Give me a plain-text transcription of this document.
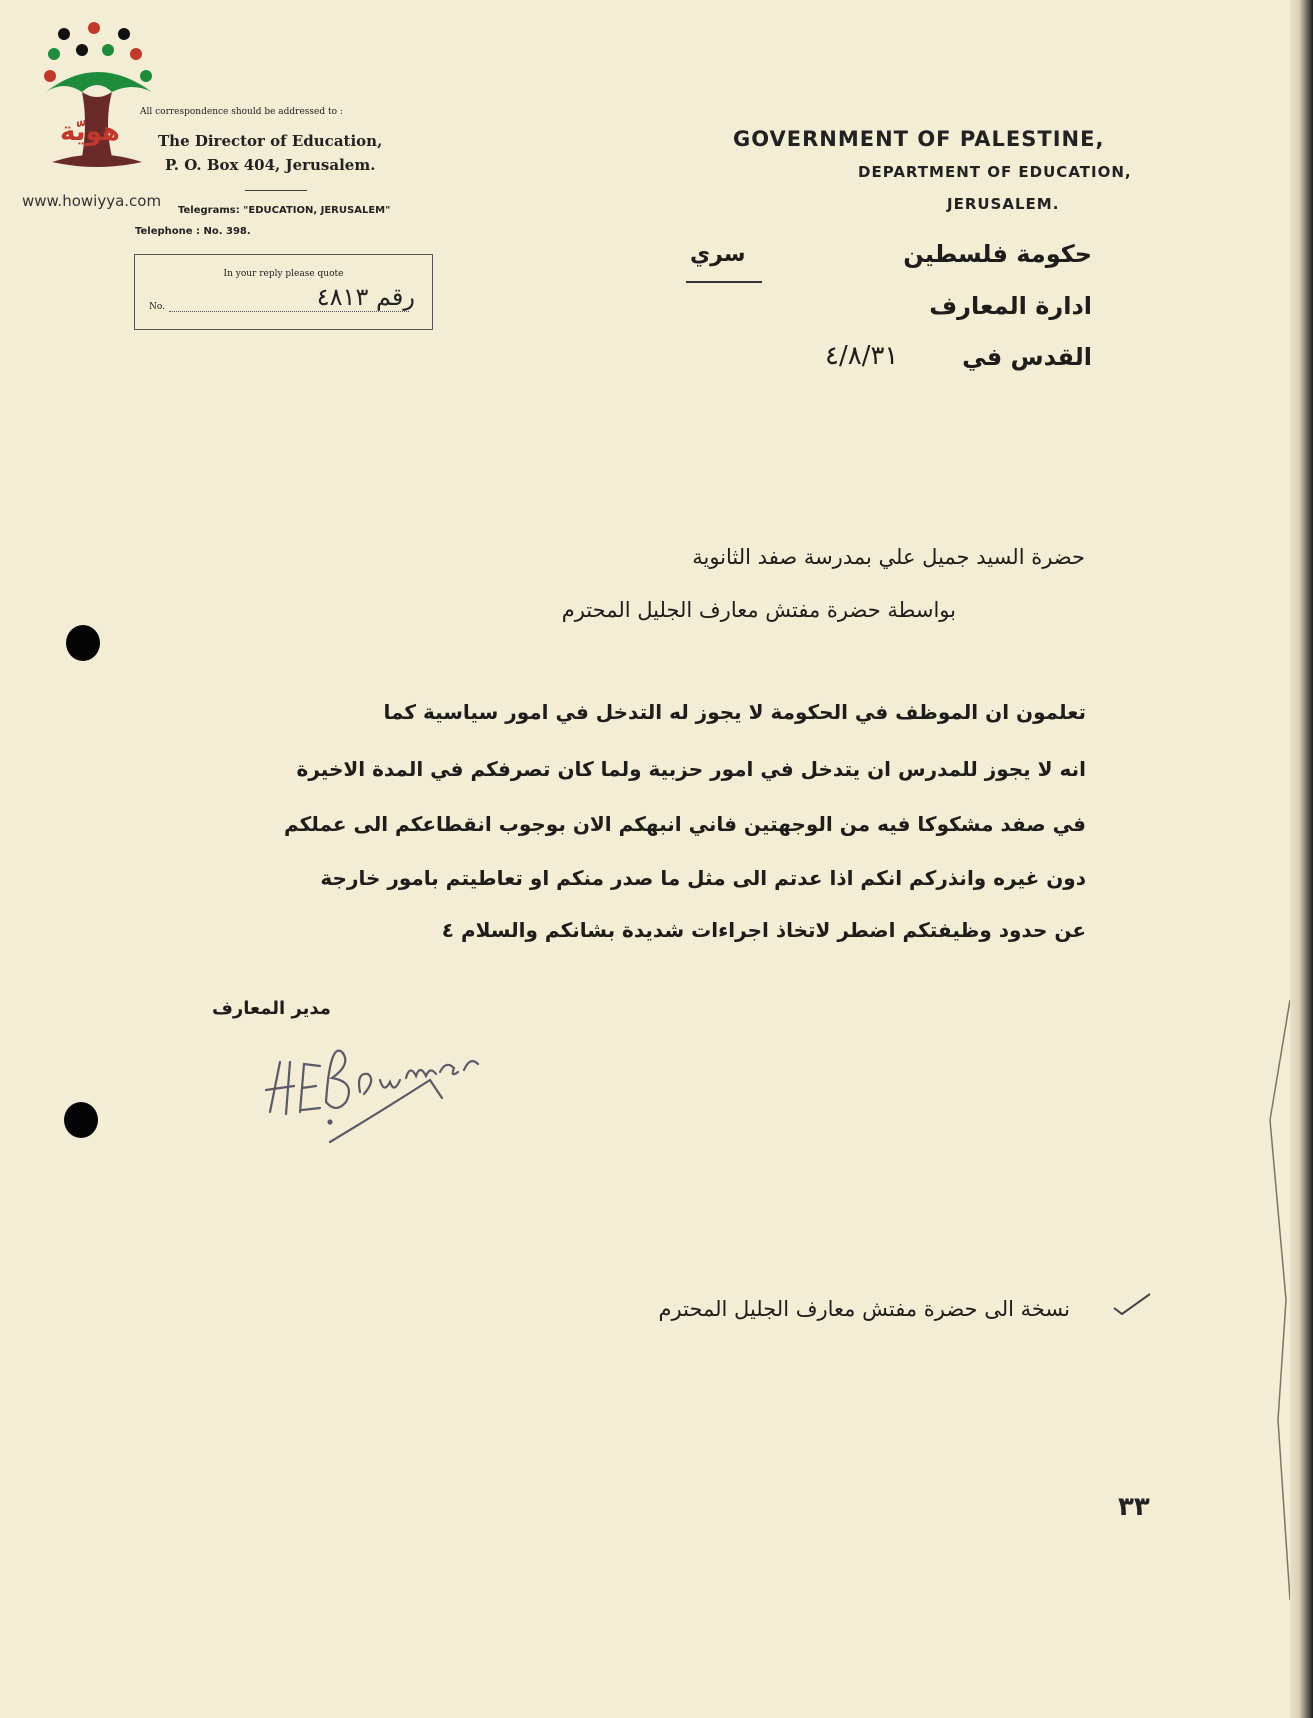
هويّة
www.howiyya.com
All correspondence should be addressed to :
The Director of Education,
P. O. Box 404, Jerusalem.
Telegrams: "EDUCATION, JERUSALEM"
Telephone : No. 398.
In your reply please quote
No.	رقم ٤٨١٣
GOVERNMENT OF PALESTINE,
DEPARTMENT OF EDUCATION,
JERUSALEM.
سري	حكومة فلسطين
ادارة المعارف
القدس في
٤/٨/٣١
حضرة السيد جميل علي بمدرسة صفد الثانوية
بواسطة حضرة مفتش معارف الجليل المحترم
تعلمون ان الموظف في الحكومة لا يجوز له التدخل في امور سياسية كما
انه لا يجوز للمدرس ان يتدخل في امور حزبية ولما كان تصرفكم في المدة الاخيرة
في صفد مشكوكا فيه من الوجهتين فاني انبهكم الان بوجوب انقطاعكم الى عملكم
دون غيره وانذركم انكم اذا عدتم الى مثل ما صدر منكم او تعاطيتم بامور خارجة
عن حدود وظيفتكم اضطر لاتخاذ اجراءات شديدة بشانكم والسلام ٤
مدير المعارف
نسخة الى حضرة مفتش معارف الجليل المحترم
٣٣
